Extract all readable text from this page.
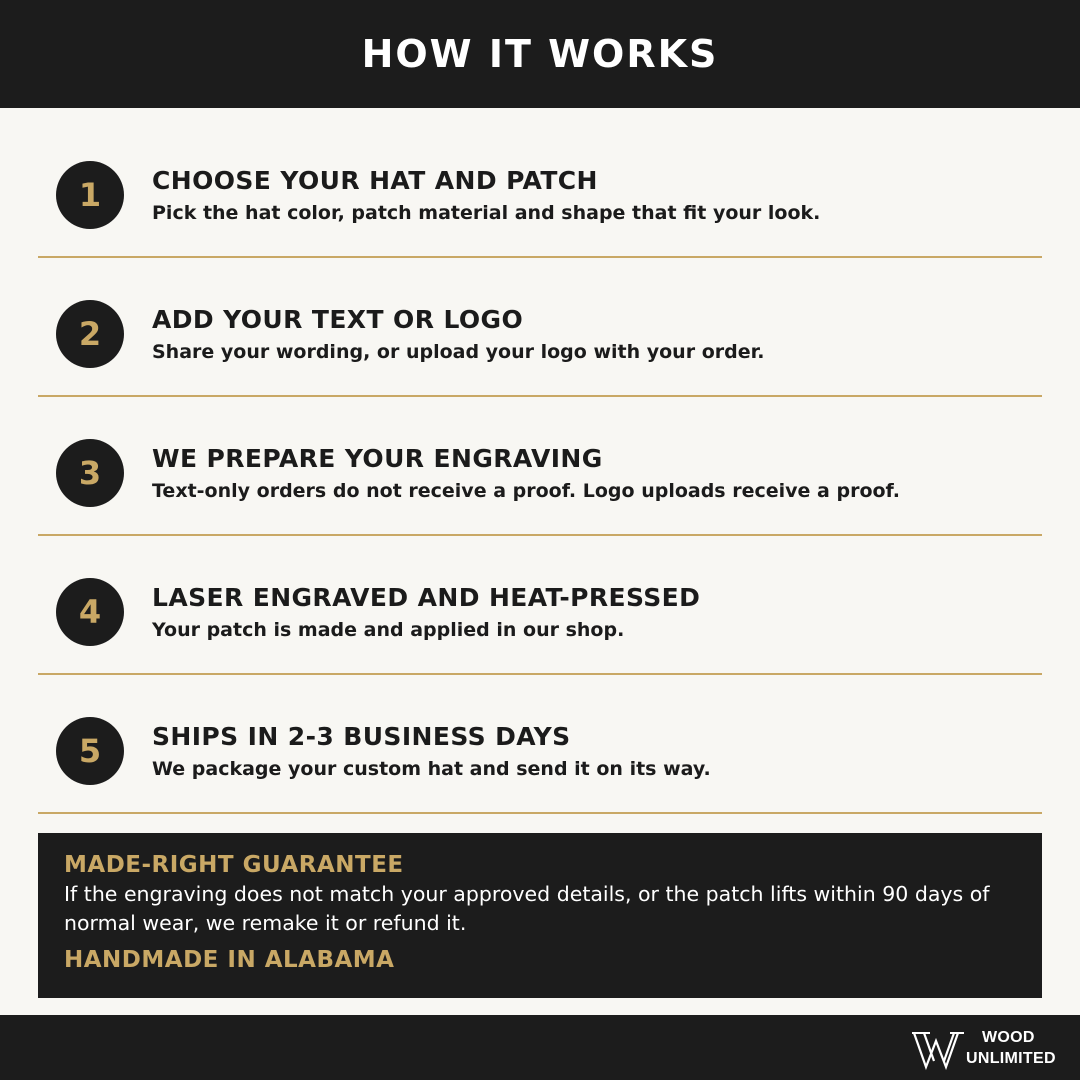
HOW IT WORKS
1	CHOOSE YOUR HAT AND PATCH
Pick the hat color, patch material and shape that fit your look.
2	ADD YOUR TEXT OR LOGO
Share your wording, or upload your logo with your order.
3	WE PREPARE YOUR ENGRAVING
Text-only orders do not receive a proof. Logo uploads receive a proof.
4	LASER ENGRAVED AND HEAT-PRESSED
Your patch is made and applied in our shop.
5	SHIPS IN 2-3 BUSINESS DAYS
We package your custom hat and send it on its way.
MADE-RIGHT GUARANTEE
If the engraving does not match your approved details, or the patch lifts within 90 days of normal wear, we remake it or refund it.
HANDMADE IN ALABAMA
WOOD
UNLIMITED
